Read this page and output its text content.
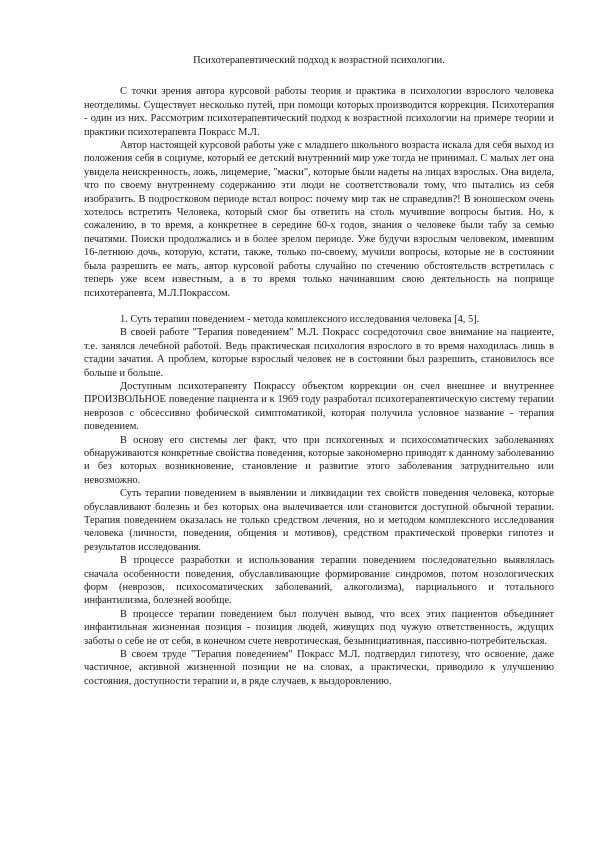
Психотерапевтический подход к возрастной психологии.

С точки зрения автора курсовой работы теория и практика в психологии взрослого человека неотделимы. Существует несколько путей, при помощи которых производится коррекция. Психотерапия - один из них. Рассмотрим психотерапевтический подход к возрастной психологии на примере теории и практики психотерапевта Покрасс М.Л.

Автор настоящей курсовой работы уже с младшего школьного возраста искала для себя выход из положения себя в социуме, который ее детский внутренний мир уже тогда не принимал. С малых лет она увидела неискренность, ложь, лицемерие, "маски", которые были надеты на лицах взрослых. Она видела, что по своему внутреннему содержанию эти люди не соответствовали тому, что пытались из себя изобразить. В подростковом периоде встал вопрос: почему мир так не справедлив?! В юношеском очень хотелось встретить Человека, который смог бы ответить на столь мучившие вопросы бытия. Но, к сожалению, в то время, а конкретнее в середине 60-х годов, знания о человеке были табу за семью печатями. Поиски продолжались и в более зрелом периоде. Уже будучи взрослым человеком, имевшим 16-летнюю дочь, которую, кстати, также, только по-своему, мучили вопросы, которые не в состоянии была разрешить ее мать, автор курсовой работы случайно по стечению обстоятельств встретилась с теперь уже всем известным, а в то время только начинавшим свою деятельность на поприще психотерапевта, М.Л.Покрассом.

1. Суть терапии поведением - метода комплексного исследования человека [4, 5].

В своей работе "Терапия поведением" М.Л. Покрасс сосредоточил свое внимание на пациенте, т.е. занялся лечебной работой. Ведь практическая психология взрослого в то время находилась лишь в стадии зачатия. А проблем, которые взрослый человек не в состоянии был разрешить, становилось все больше и больше.

Доступным психотерапевту Покрассу объектом коррекции он счел внешнее и внутреннее ПРОИЗВОЛЬНОЕ поведение пациента и к 1969 году разработал психотерапевтическую систему терапии неврозов с обсессивно фобической симптоматикой, которая получила условное название - терапия поведением.

В основу его системы лег факт, что при психогенных и психосоматических заболеваниях обнаруживаются конкретные свойства поведения, которые закономерно приводят к данному заболеванию и без которых возникновение, становление и развитие этого заболевания затруднительно или невозможно.

Суть терапии поведением в выявлении и ликвидации тех свойств поведения человека, которые обуславливают болезнь и без которых она вылечивается или становится доступной обычной терапии. Терапия поведением оказалась не только средством лечения, но и методом комплексного исследования человека (личности, поведения, общения и мотивов), средством практической проверки гипотез и результатов исследования.

В процессе разработки и использования терапии поведением последовательно выявлялась сначала особенности поведения, обуславливающие формирование синдромов, потом нозологических форм (неврозов, психосоматических заболеваний, алкоголизма), парциального и тотального инфантилизма, болезней вообще.

В процессе терапии поведением был получен вывод, что всех этих пациентов объединяет инфантильная жизненная позиция - позиция людей, живущих под чужую ответственность, ждущих заботы о себе не от себя, в конечном счете невротическая, безынициативная, пассивно-потребительская.

В своем труде "Терапия поведением" Покрасс М.Л. подтвердил гипотезу, что освоение, даже частичное, активной жизненной позиции не на словах, а практически, приводило к улучшению состояния, доступности терапии и, в ряде случаев, к выздоровлению.
